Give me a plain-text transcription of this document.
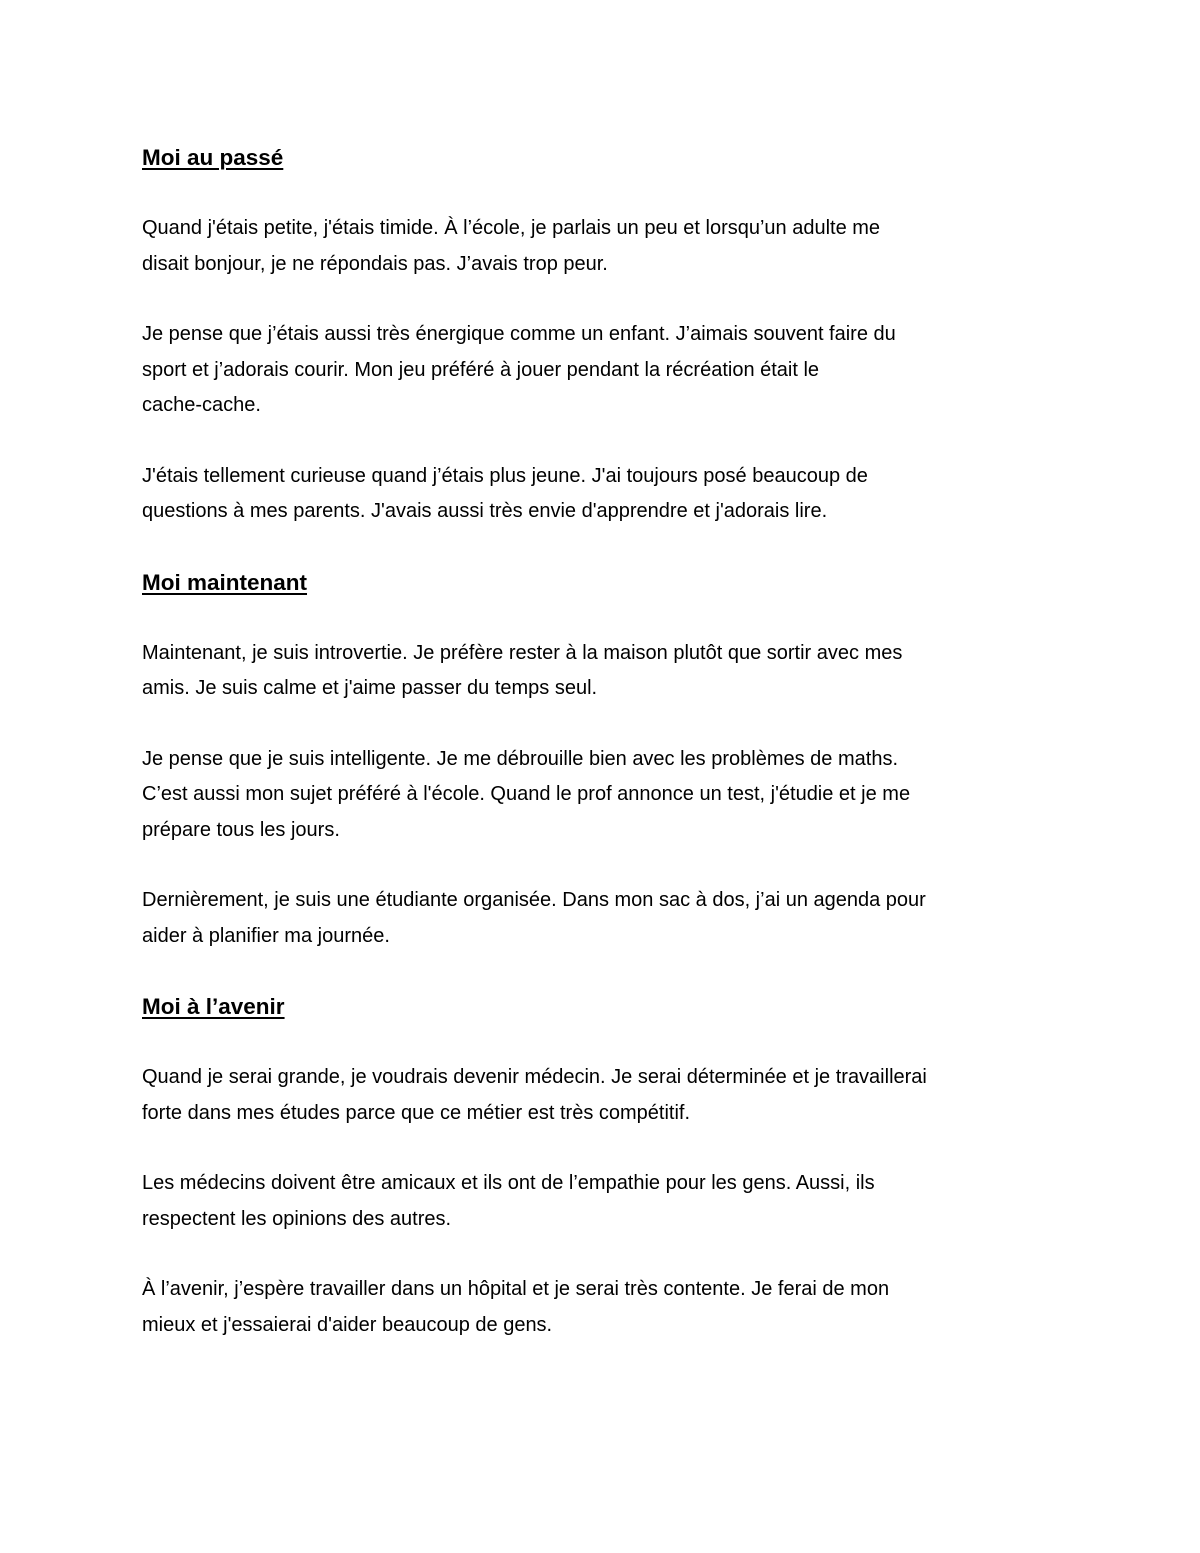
Moi au passé

Quand j'étais petite, j'étais timide. À l’école, je parlais un peu et lorsqu’un adulte me
disait bonjour, je ne répondais pas. J’avais trop peur.

Je pense que j’étais aussi très énergique comme un enfant. J’aimais souvent faire du
sport et j’adorais courir. Mon jeu préféré à jouer pendant la récréation était le
cache-cache.

J'étais tellement curieuse quand j’étais plus jeune. J'ai toujours posé beaucoup de
questions à mes parents. J'avais aussi très envie d'apprendre et j'adorais lire.

Moi maintenant

Maintenant, je suis introvertie. Je préfère rester à la maison plutôt que sortir avec mes
amis. Je suis calme et j'aime passer du temps seul.

Je pense que je suis intelligente. Je me débrouille bien avec les problèmes de maths.
C’est aussi mon sujet préféré à l'école. Quand le prof annonce un test, j'étudie et je me
prépare tous les jours.

Dernièrement, je suis une étudiante organisée. Dans mon sac à dos, j’ai un agenda pour
aider à planifier ma journée.

Moi à l’avenir

Quand je serai grande, je voudrais devenir médecin. Je serai déterminée et je travaillerai
forte dans mes études parce que ce métier est très compétitif.

Les médecins doivent être amicaux et ils ont de l’empathie pour les gens. Aussi, ils
respectent les opinions des autres.

À l’avenir, j’espère travailler dans un hôpital et je serai très contente. Je ferai de mon
mieux et j'essaierai d'aider beaucoup de gens.
